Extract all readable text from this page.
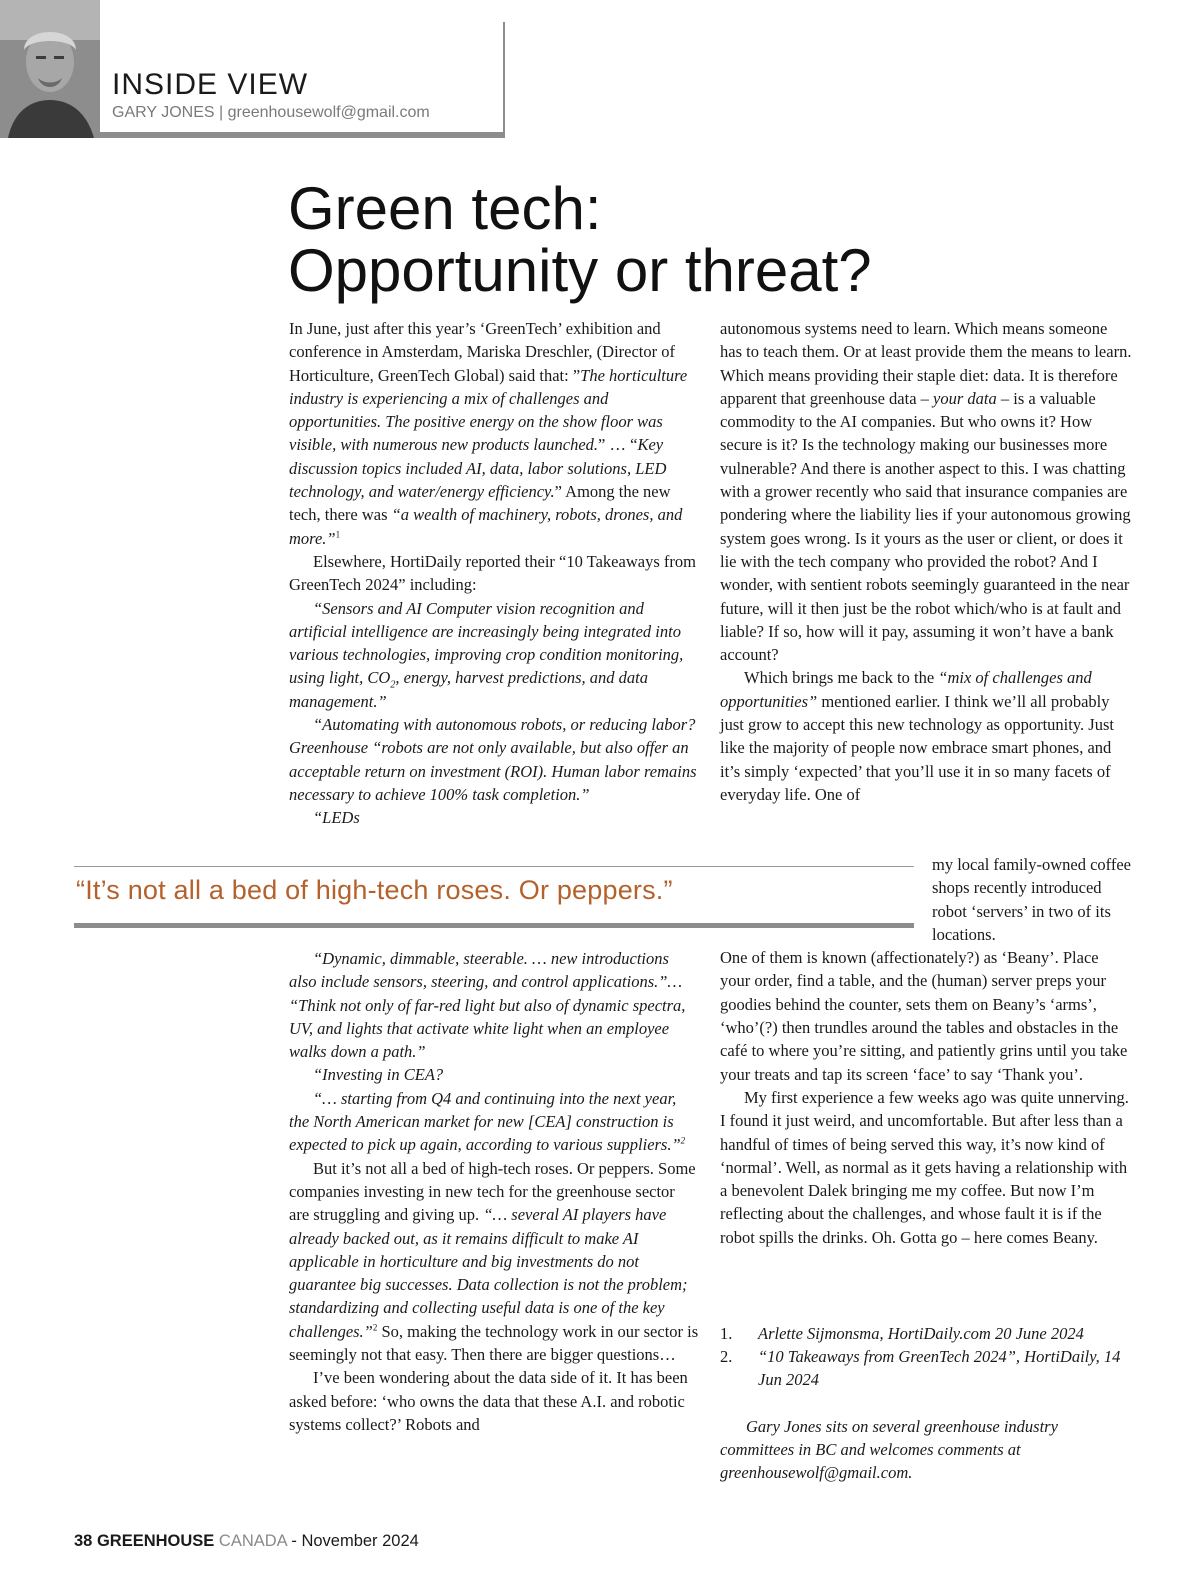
INSIDE VIEW
GARY JONES | greenhousewolf@gmail.com
Green tech:
Opportunity or threat?

In June, just after this year’s ‘GreenTech’ exhibition and conference in Amsterdam, Mariska Dreschler, (Director of Horticulture, GreenTech Global) said that: ”The horticulture industry is experiencing a mix of challenges and opportunities. The positive energy on the show floor was visible, with numerous new products launched.” … “Key discussion topics included AI, data, labor solutions, LED technology, and water/energy efficiency.” Among the new tech, there was “a wealth of machinery, robots, drones, and more.”$^1$

Elsewhere, HortiDaily reported their “10 Takeaways from GreenTech 2024” including:

“Sensors and AI Computer vision recognition and artificial intelligence are increasingly being integrated into various technologies, improving crop condition monitoring, using light, $CO_2$, energy, harvest predictions, and data management.”

“Automating with autonomous robots, or reducing labor? Greenhouse “robots are not only available, but also offer an acceptable return on investment (ROI). Human labor remains necessary to achieve 100% task completion.”

“LEDs

“It’s not all a bed of high-tech roses. Or peppers.”

“Dynamic, dimmable, steerable. … new introductions also include sensors, steering, and control applications.”… “Think not only of far-red light but also of dynamic spectra, UV, and lights that activate white light when an employee walks down a path.”

“Investing in CEA?

“… starting from Q4 and continuing into the next year, the North American market for new [CEA] construction is expected to pick up again, according to various suppliers.”$^2$

But it’s not all a bed of high-tech roses. Or peppers. Some companies investing in new tech for the greenhouse sector are struggling and giving up. “… several AI players have already backed out, as it remains difficult to make AI applicable in horticulture and big investments do not guarantee big successes. Data collection is not the problem; standardizing and collecting useful data is one of the key challenges.”$^2$ So, making the technology work in our sector is seemingly not that easy. Then there are bigger questions…

I’ve been wondering about the data side of it. It has been asked before: ‘who owns the data that these A.I. and robotic systems collect?’ Robots and

autonomous systems need to learn. Which means someone has to teach them. Or at least provide them the means to learn. Which means providing their staple diet: data. It is therefore apparent that greenhouse data – your data – is a valuable commodity to the AI companies. But who owns it? How secure is it? Is the technology making our businesses more vulnerable? And there is another aspect to this. I was chatting with a grower recently who said that insurance companies are pondering where the liability lies if your autonomous growing system goes wrong. Is it yours as the user or client, or does it lie with the tech company who provided the robot? And I wonder, with sentient robots seemingly guaranteed in the near future, will it then just be the robot which/who is at fault and liable? If so, how will it pay, assuming it won’t have a bank account?

Which brings me back to the “mix of challenges and opportunities” mentioned earlier. I think we’ll all probably just grow to accept this new technology as opportunity. Just like the majority of people now embrace smart phones, and it’s simply ‘expected’ that you’ll use it in so many facets of everyday life. One of

my local family-owned coffee shops recently introduced robot ‘servers’ in two of its locations.

One of them is known (affectionately?) as ‘Beany’. Place your order, find a table, and the (human) server preps your goodies behind the counter, sets them on Beany’s ‘arms’, ‘who’(?) then trundles around the tables and obstacles in the café to where you’re sitting, and patiently grins until you take your treats and tap its screen ‘face’ to say ‘Thank you’.

My first experience a few weeks ago was quite unnerving. I found it just weird, and uncomfortable. But after less than a handful of times of being served this way, it’s now kind of ‘normal’. Well, as normal as it gets having a relationship with a benevolent Dalek bringing me my coffee. But now I’m reflecting about the challenges, and whose fault it is if the robot spills the drinks. Oh. Gotta go – here comes Beany.

1.	Arlette Sijmonsma, HortiDaily.com 20 June 2024
2.	“10 Takeaways from GreenTech 2024”, HortiDaily, 14 Jun 2024
Gary Jones sits on several greenhouse industry committees in BC and welcomes comments at greenhousewolf@gmail.com.
38 GREENHOUSE CANADA - November 2024
